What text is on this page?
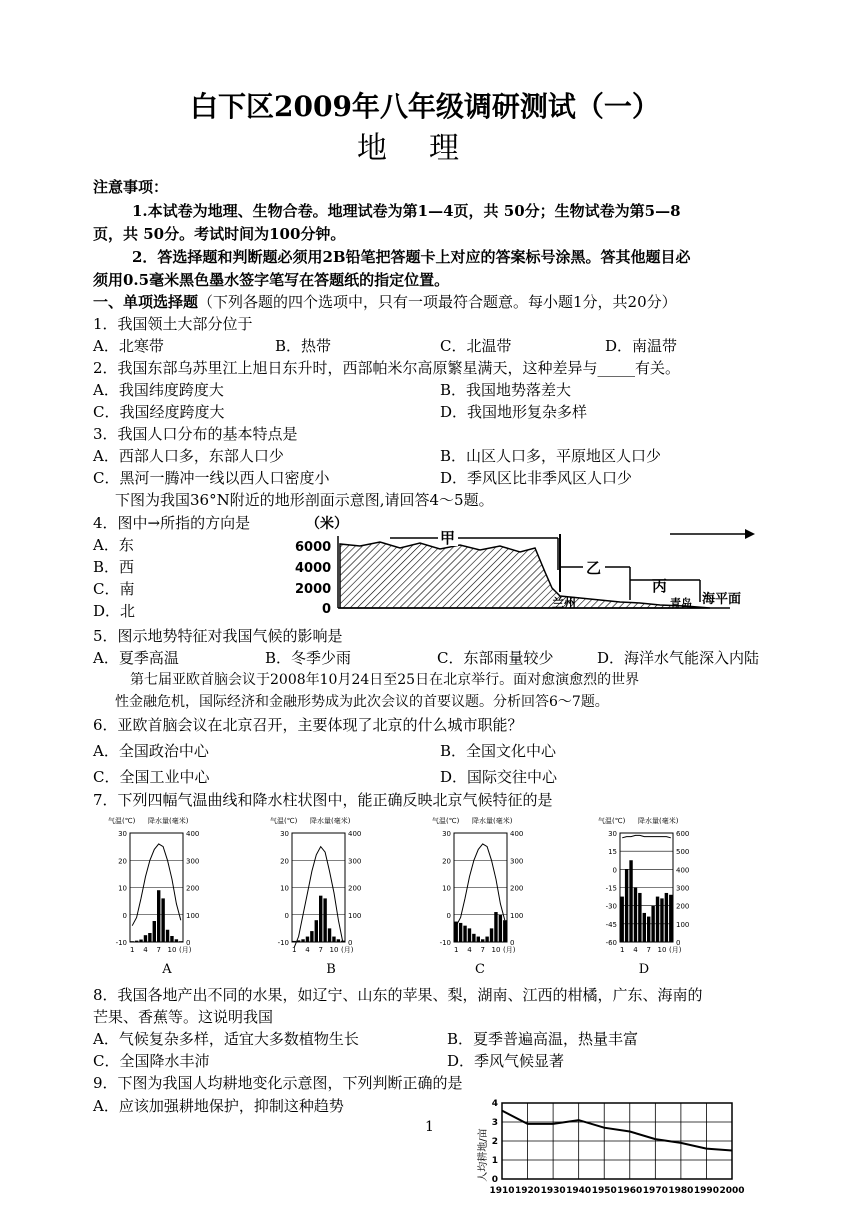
白下区2009年八年级调研测试（一）
地理
注意事项：
1.本试卷为地理、生物合卷。地理试卷为第1—4页，共 50分；生物试卷为第5—8
页，共 50分。考试时间为100分钟。
2．答选择题和判断题必须用2B铅笔把答题卡上对应的答案标号涂黑。答其他题目必
须用0.5毫米黑色墨水签字笔写在答题纸的指定位置。
一、单项选择题（下列各题的四个选项中，只有一项最符合题意。每小题1分，共20分）
1．我国领土大部分位于
A．北寒带	B．热带	C．北温带	D．南温带
2．我国东部乌苏里江上旭日东升时，西部帕米尔高原繁星满天，这种差异与_____有关。
A．我国纬度跨度大	B．我国地势落差大
C．我国经度跨度大	D．我国地形复杂多样
3．我国人口分布的基本特点是
A．西部人口多，东部人口少	B．山区人口多，平原地区人口少
C．黑河一腾冲一线以西人口密度小	D．季风区比非季风区人口少
下图为我国36°N附近的地形剖面示意图,请回答4～5题。
4．图中→所指的方向是
A．东
B．西
C．南
D．北
（米）
6000
4000
2000
0
甲
乙
丙
兰州	青岛 海平面
5．图示地势特征对我国气候的影响是
A．夏季高温	B．冬季少雨	C．东部雨量较少	D．海洋水气能深入内陆
第七届亚欧首脑会议于2008年10月24日至25日在北京举行。面对愈演愈烈的世界
性金融危机，国际经济和金融形势成为此次会议的首要议题。分析回答6～7题。
6．亚欧首脑会议在北京召开，主要体现了北京的什么城市职能？
A．全国政治中心	B．全国文化中心
C．全国工业中心	D．国际交往中心
7．下列四幅气温曲线和降水柱状图中，能正确反映北京气候特征的是
气温(℃) 降水量(毫米)
30
20
10
0
-10
400
300
200
100
0
1 4 7 10 (月)
气温(℃) 降水量(毫米)
30
20
10
0
-10
400
300
200
100
0
1 4 7 10 (月)
气温(℃) 降水量(毫米)
30
20
10
0
-10
400
300
200
100
0
1 4 7 10 (月)
气温(℃) 降水量(毫米)
30
15
0
-15
-30
-45
-60
600
500
400
300
200
100
0
1 4 7 10 (月)
A	B	C	D
8．我国各地产出不同的水果，如辽宁、山东的苹果、梨，湖南、江西的柑橘，广东、海南的
芒果、香蕉等。这说明我国
A．气候复杂多样，适宜大多数植物生长	B．夏季普遍高温，热量丰富
C．全国降水丰沛	D．季风气候显著
9．下图为我国人均耕地变化示意图，下列判断正确的是
A．应该加强耕地保护，抑制这种趋势
人均耕地/亩
4
3
2
1
0
1910 1920 1930 1940 1950 1960 1970 1980 1990 2000
1
